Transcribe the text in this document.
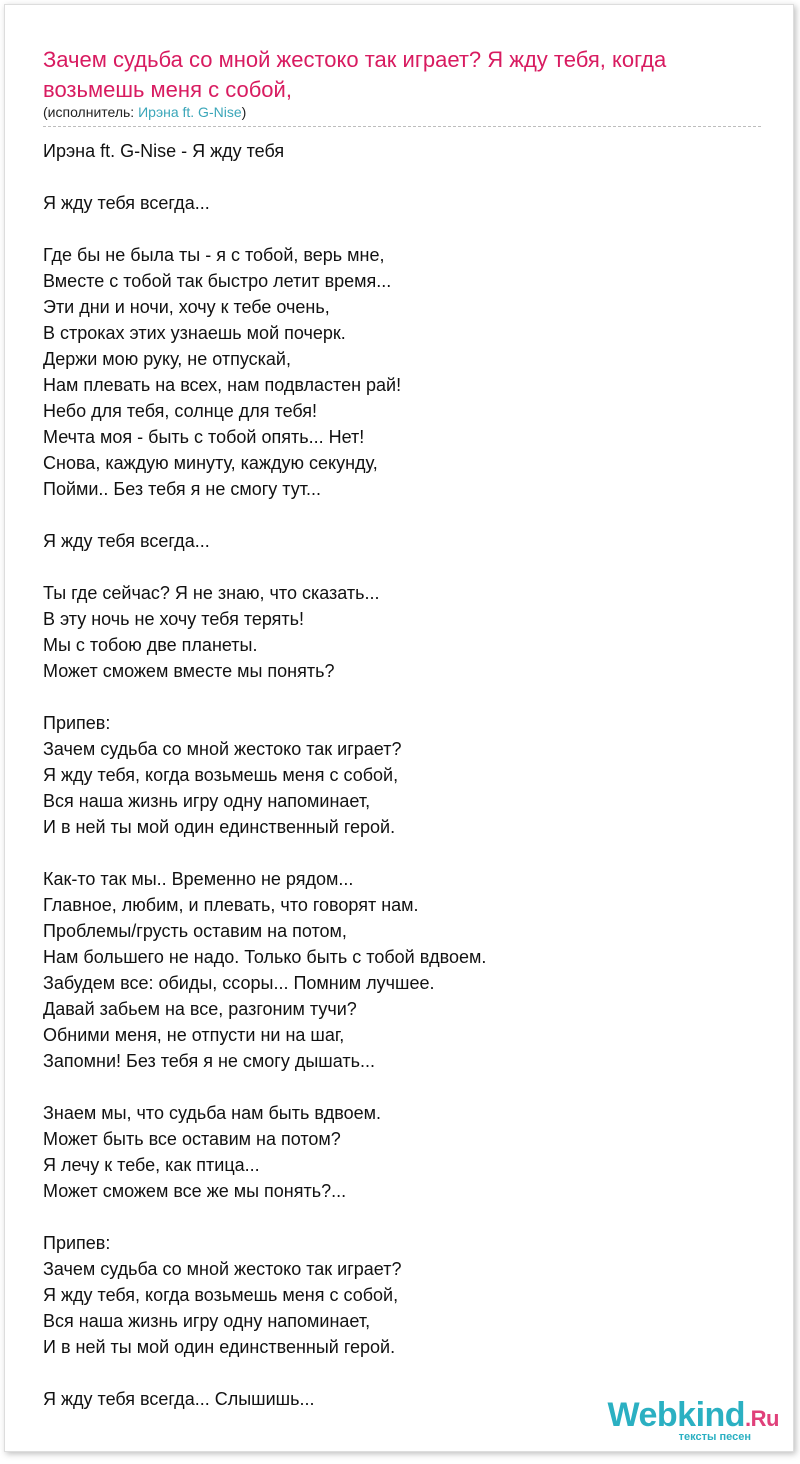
Зачем судьба со мной жестоко так играет? Я жду тебя, когда возьмешь меня с собой,
(исполнитель: Ирэна ft. G-Nise)
Ирэна ft. G-Nise - Я жду тебя
Я жду тебя всегда...
Где бы не была ты - я с тобой, верь мне,
Вместе с тобой так быстро летит время...
Эти дни и ночи, хочу к тебе очень,
В строках этих узнаешь мой почерк.
Держи мою руку, не отпускай,
Нам плевать на всех, нам подвластен рай!
Небо для тебя, солнце для тебя!
Мечта моя - быть с тобой опять... Нет!
Снова, каждую минуту, каждую секунду,
Пойми.. Без тебя я не смогу тут...
Я жду тебя всегда...
Ты где сейчас? Я не знаю, что сказать...
В эту ночь не хочу тебя терять!
Мы с тобою две планеты.
Может сможем вместе мы понять?
Припев:
Зачем судьба со мной жестоко так играет?
Я жду тебя, когда возьмешь меня с собой,
Вся наша жизнь игру одну напоминает,
И в ней ты мой один единственный герой.
Как-то так мы.. Временно не рядом...
Главное, любим, и плевать, что говорят нам.
Проблемы/грусть оставим на потом,
Нам большего не надо. Только быть с тобой вдвоем.
Забудем все: обиды, ссоры... Помним лучшее.
Давай забьем на все, разгоним тучи?
Обними меня, не отпусти ни на шаг,
Запомни! Без тебя я не смогу дышать...
Знаем мы, что судьба нам быть вдвоем.
Может быть все оставим на потом?
Я лечу к тебе, как птица...
Может сможем все же мы понять?...
Припев:
Зачем судьба со мной жестоко так играет?
Я жду тебя, когда возьмешь меня с собой,
Вся наша жизнь игру одну напоминает,
И в ней ты мой один единственный герой.
Я жду тебя всегда... Слышишь...	Webkind.Ru
тексты песен
